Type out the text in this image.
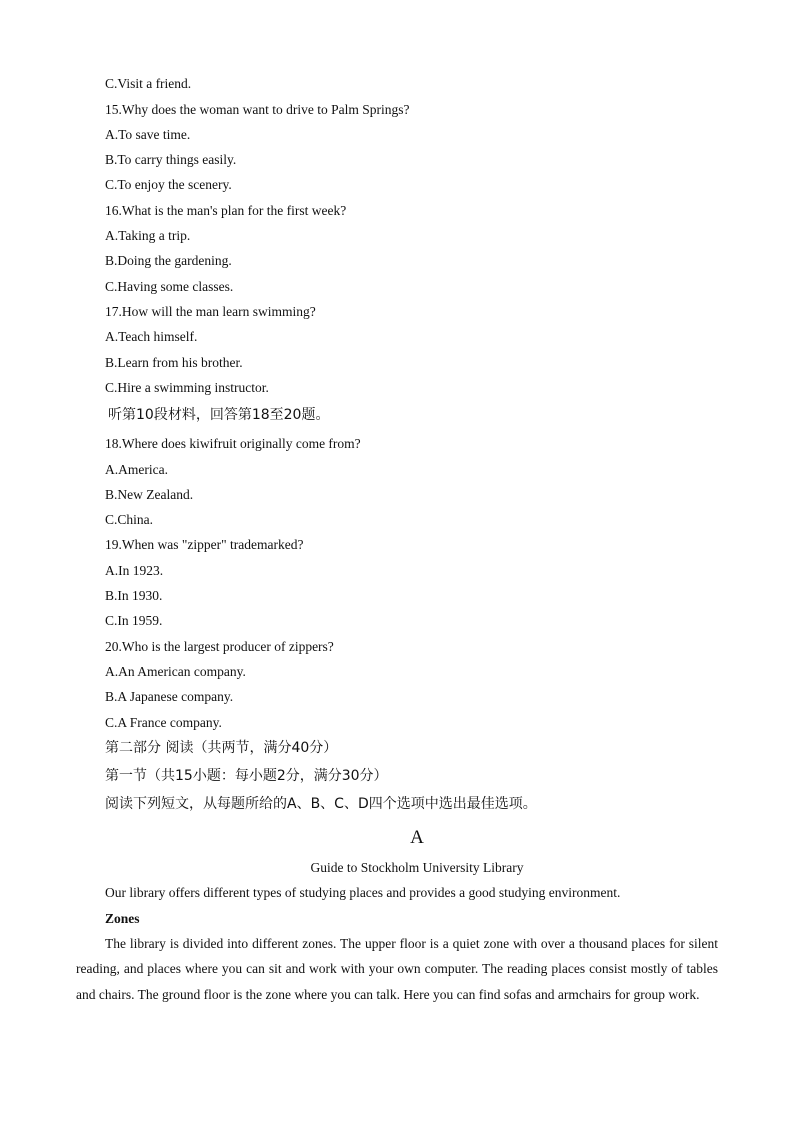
C.Visit a friend.
15.Why does the woman want to drive to Palm Springs?
A.To save time.
B.To carry things easily.
C.To enjoy the scenery.
16.What is the man's plan for the first week?
A.Taking a trip.
B.Doing the gardening.
C.Having some classes.
17.How will the man learn swimming?
A.Teach himself.
B.Learn from his brother.
C.Hire a swimming instructor.
听第10段材料，回答第18至20题。
18.Where does kiwifruit originally come from?
A.America.
B.New Zealand.
C.China.
19.When was "zipper" trademarked?
A.In 1923.
B.In 1930.
C.In 1959.
20.Who is the largest producer of zippers?
A.An American company.
B.A Japanese company.
C.A France company.
第二部分 阅读（共两节，满分40分）
第一节（共15小题：每小题2分，满分30分）
阅读下列短文，从每题所给的A、B、C、D四个选项中选出最佳选项。
A
Guide to Stockholm University Library
Our library offers different types of studying places and provides a good studying environment.
Zones
The library is divided into different zones. The upper floor is a quiet zone with over a thousand places for silent reading, and places where you can sit and work with your own computer. The reading places consist mostly of tables and chairs. The ground floor is the zone where you can talk. Here you can find sofas and armchairs for group work.
